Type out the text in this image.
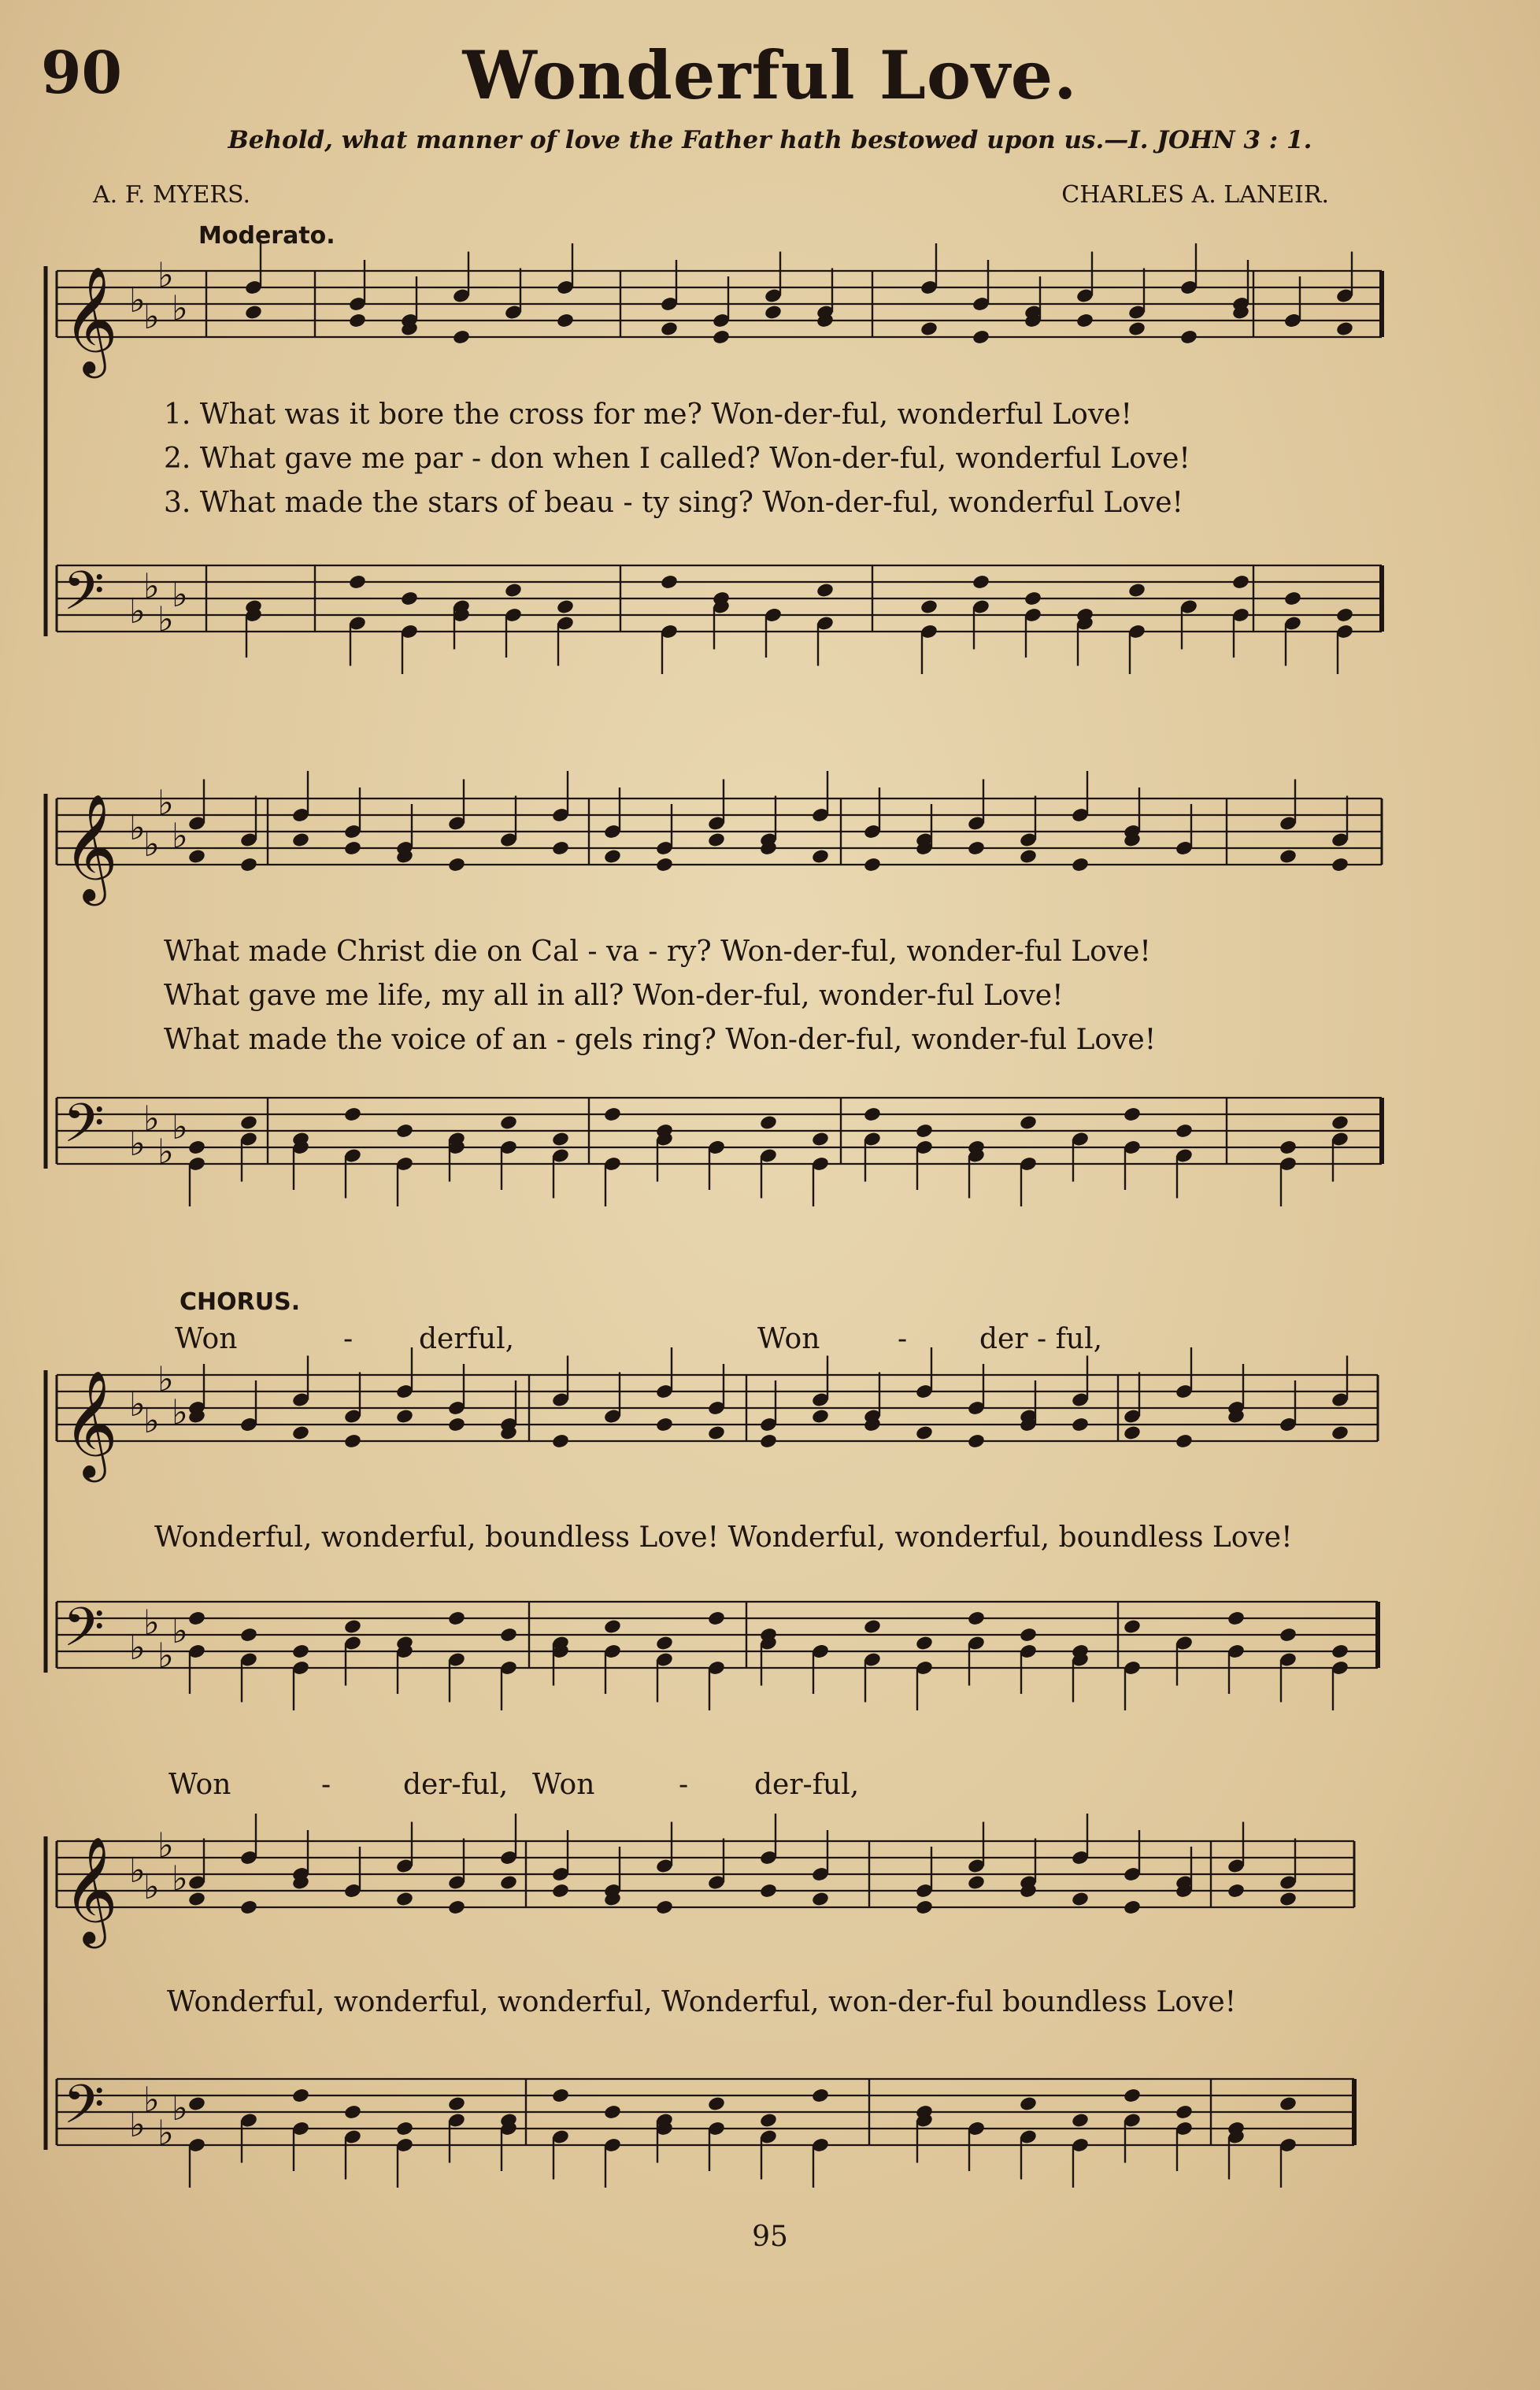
90	Wonderful Love.
Behold, what manner of love the Father hath bestowed upon us.—I. JOHN 3 : 1.
A. F. MYERS.	CHARLES A. LANEIR.
Moderato.
𝄞 ♭
♭
♭
♭
𝄢 ♭
♭
♭
♭
𝄞 ♭
♭
♭
♭
𝄢 ♭
♭
♭
♭
𝄞 ♭
♭
♭
♭
𝄢 ♭
♭
♭
♭
𝄞 ♭
♭
♭
♭
𝄢 ♭
♭
♭
♭
1. What was it bore the cross for me? Won-der-ful, wonderful Love!
2. What gave me par - don when I called? Won-der-ful, wonderful Love!
3. What made the stars of beau - ty sing? Won-der-ful, wonderful Love!
What made Christ die on Cal - va - ry? Won-der-ful, wonder-ful Love!
What gave me life, my all in all? Won-der-ful, wonder-ful Love!
What made the voice of an - gels ring? Won-der-ful, wonder-ful Love!
CHORUS.
Won	- derful,	Won	-	der - ful,
Wonderful, wonderful, boundless Love! Wonderful, wonderful, boundless Love!
Won	-	der-ful, Won	- der-ful,
Wonderful, wonderful, wonderful, Wonderful, won-der-ful boundless Love!
95
